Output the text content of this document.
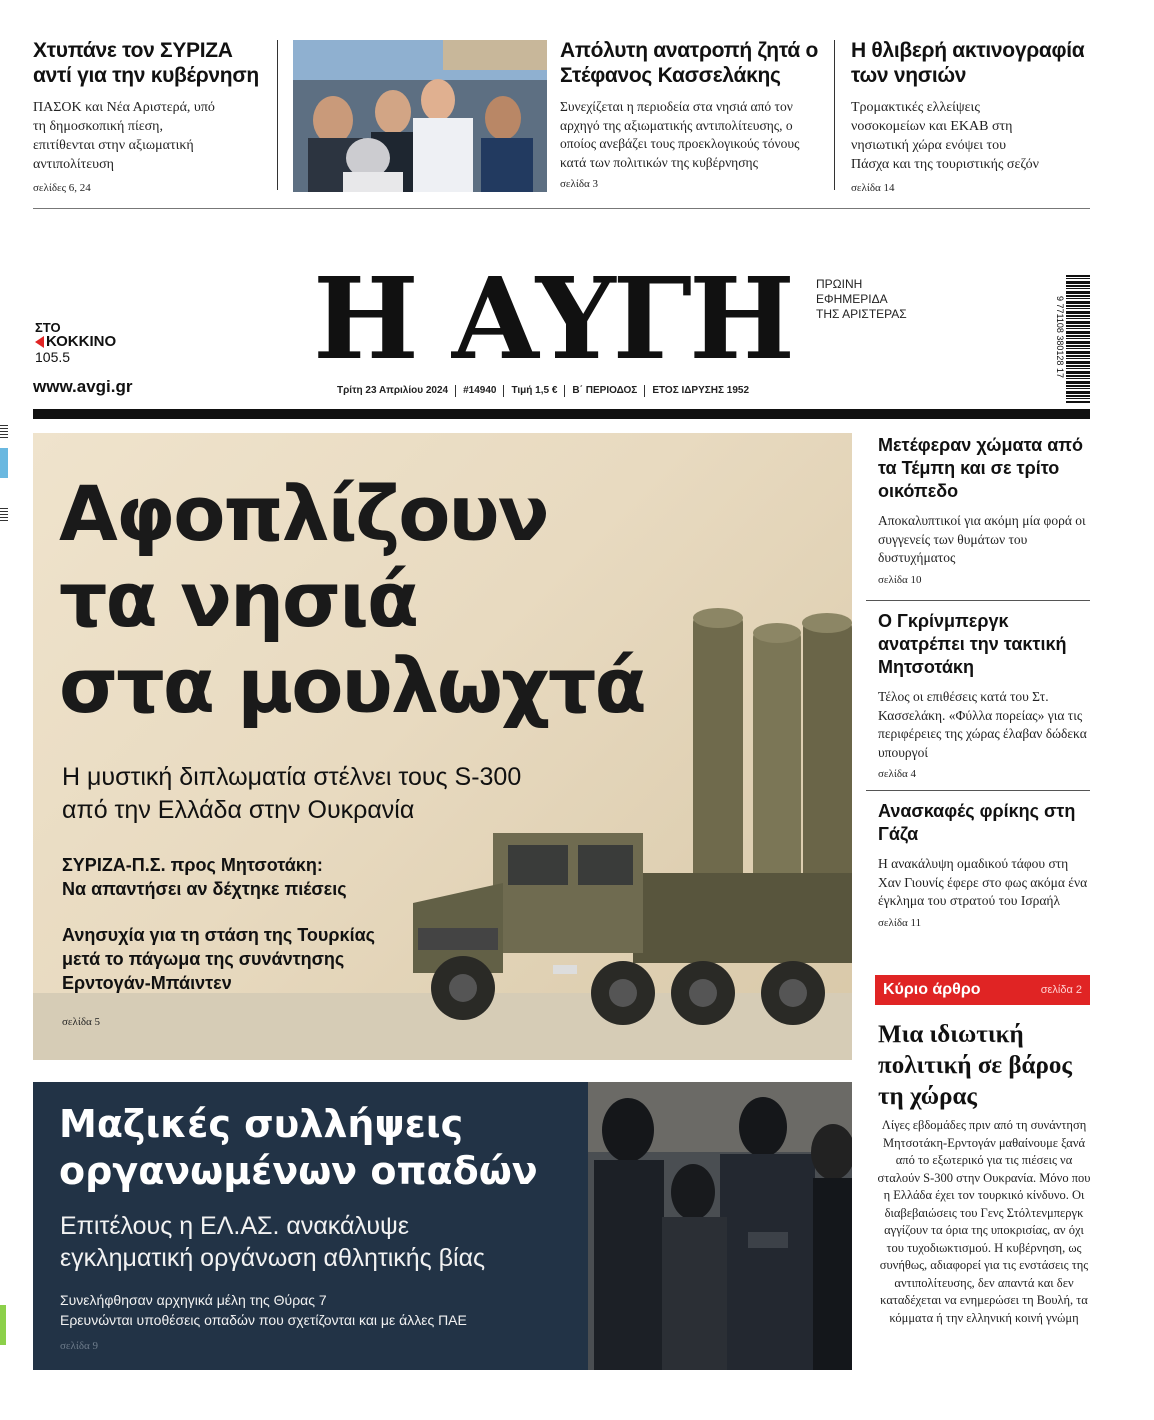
Χτυπάνε τον ΣΥΡΙΖΑ αντί για την κυβέρνηση
ΠΑΣΟΚ και Νέα Αριστερά, υπό τη δημοσκοπική πίεση, επιτίθενται στην αξιωματική αντιπολίτευση
σελίδες 6, 24
Απόλυτη ανατροπή ζητά ο Στέφανος Κασσελάκης
Συνεχίζεται η περιοδεία στα νησιά από τον αρχηγό της αξιωματικής αντιπολίτευσης, ο οποίος ανεβάζει τους προεκλογικούς τόνους κατά των πολιτικών της κυβέρνησης
σελίδα 3
Η θλιβερή ακτινογραφία των νησιών
Τρομακτικές ελλείψεις νοσοκομείων και ΕΚΑΒ στη νησιωτική χώρα ενόψει του Πάσχα και της τουριστικής σεζόν
σελίδα 14
ΣΤΟ
ΚΟΚΚΙΝΟ
105.5
www.avgi.gr
Η ΑΥΓΗ	ΠΡΩΙΝΗ
ΕΦΗΜΕΡΙΔΑ
ΤΗΣ ΑΡΙΣΤΕΡΑΣ
Τρίτη 23 Απριλίου 2024	#14940	Τιμή 1,5 €	Β΄ ΠΕΡΙΟΔΟΣ	ΕΤΟΣ ΙΔΡΥΣΗΣ 1952
9 771108 380128 17
Αφοπλίζουν
τα νησιά
στα μουλωχτά
Η μυστική διπλωματία στέλνει τους S-300
από την Ελλάδα στην Ουκρανία
ΣΥΡΙΖΑ-Π.Σ. προς Μητσοτάκη:
Να απαντήσει αν δέχτηκε πιέσεις
Ανησυχία για τη στάση της Τουρκίας
μετά το πάγωμα της συνάντησης
Ερντογάν-Μπάιντεν
σελίδα 5
Μετέφεραν χώματα από τα Τέμπη και σε τρίτο οικόπεδο
Αποκαλυπτικοί για ακόμη μία φορά οι συγγενείς των θυμάτων του δυστυχήματος
σελίδα 10
Ο Γκρίνμπεργκ ανατρέπει την τακτική Μητσοτάκη
Τέλος οι επιθέσεις κατά του Στ. Κασσελάκη. «Φύλλα πορείας» για τις περιφέρειες της χώρας έλαβαν δώδεκα υπουργοί
σελίδα 4
Ανασκαφές φρίκης στη Γάζα
Η ανακάλυψη ομαδικού τάφου στη Χαν Γιουνίς έφερε στο φως ακόμα ένα έγκλημα του στρατού του Ισραήλ
σελίδα 11
Κύριο άρθρο	σελίδα 2
Μια ιδιωτική πολιτική σε βάρος τη χώρας
Λίγες εβδομάδες πριν από τη συνάντηση Μητσοτάκη-Ερντογάν μαθαίνουμε ξανά από το εξωτερικό για τις πιέσεις να σταλούν S-300 στην Ουκρανία. Μόνο που η Ελλάδα έχει τον τουρκικό κίνδυνο. Οι διαβεβαιώσεις του Γενς Στόλτενμπεργκ αγγίζουν τα όρια της υποκρισίας, αν όχι του τυχοδιωκτισμού. Η κυβέρνηση, ως συνήθως, αδιαφορεί για τις ενστάσεις της αντιπολίτευσης, δεν απαντά και δεν καταδέχεται να ενημερώσει τη Βουλή, τα κόμματα ή την ελληνική κοινή γνώμη
Μαζικές συλλήψεις
οργανωμένων οπαδών
Επιτέλους η ΕΛ.ΑΣ. ανακάλυψε
εγκληματική οργάνωση αθλητικής βίας
Συνελήφθησαν αρχηγικά μέλη της Θύρας 7
Ερευνώνται υποθέσεις οπαδών που σχετίζονται και με άλλες ΠΑΕ
σελίδα 9
